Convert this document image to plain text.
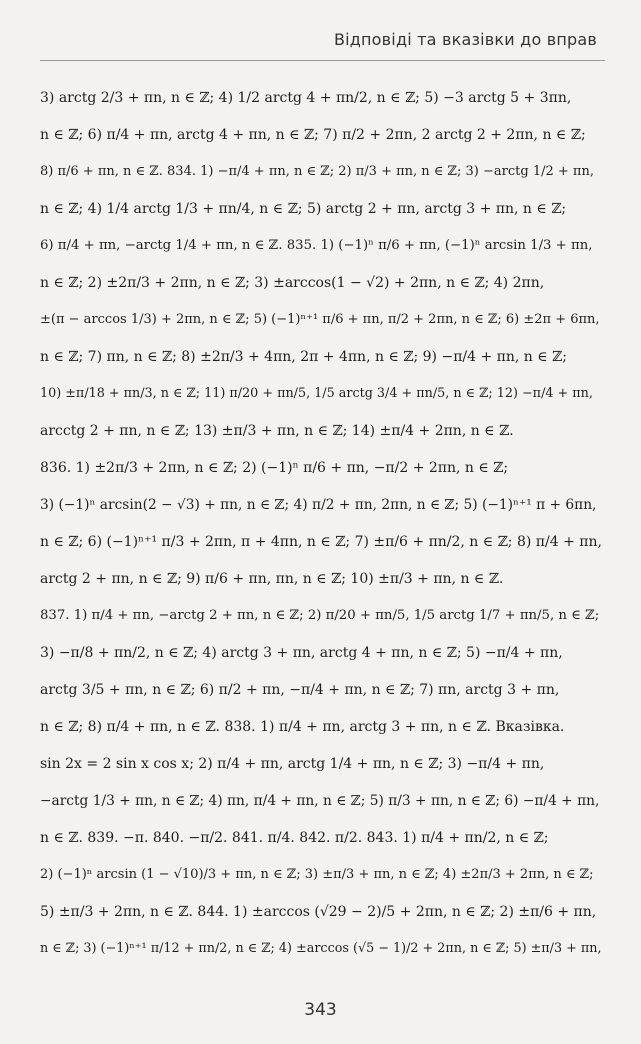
Відповіді та вказівки до вправ
3) arctg 2/3 + πn, n ∈ ℤ; 4) 1/2 arctg 4 + πn/2, n ∈ ℤ; 5) −3 arctg 5 + 3πn,
n ∈ ℤ; 6) π/4 + πn, arctg 4 + πn, n ∈ ℤ; 7) π/2 + 2πn, 2 arctg 2 + 2πn, n ∈ ℤ;
8) π/6 + πn, n ∈ ℤ. 834. 1) −π/4 + πn, n ∈ ℤ; 2) π/3 + πn, n ∈ ℤ; 3) −arctg 1/2 + πn,
n ∈ ℤ; 4) 1/4 arctg 1/3 + πn/4, n ∈ ℤ; 5) arctg 2 + πn, arctg 3 + πn, n ∈ ℤ;
6) π/4 + πn, −arctg 1/4 + πn, n ∈ ℤ. 835. 1) (−1)ⁿ π/6 + πn, (−1)ⁿ arcsin 1/3 + πn,
n ∈ ℤ; 2) ±2π/3 + 2πn, n ∈ ℤ; 3) ±arccos(1 − √2) + 2πn, n ∈ ℤ; 4) 2πn,
±(π − arccos 1/3) + 2πn, n ∈ ℤ; 5) (−1)ⁿ⁺¹ π/6 + πn, π/2 + 2πn, n ∈ ℤ; 6) ±2π + 6πn,
n ∈ ℤ; 7) πn, n ∈ ℤ; 8) ±2π/3 + 4πn, 2π + 4πn, n ∈ ℤ; 9) −π/4 + πn, n ∈ ℤ;
10) ±π/18 + πn/3, n ∈ ℤ; 11) π/20 + πn/5, 1/5 arctg 3/4 + πn/5, n ∈ ℤ; 12) −π/4 + πn,
arcctg 2 + πn, n ∈ ℤ; 13) ±π/3 + πn, n ∈ ℤ; 14) ±π/4 + 2πn, n ∈ ℤ.
836. 1) ±2π/3 + 2πn, n ∈ ℤ; 2) (−1)ⁿ π/6 + πn, −π/2 + 2πn, n ∈ ℤ;
3) (−1)ⁿ arcsin(2 − √3) + πn, n ∈ ℤ; 4) π/2 + πn, 2πn, n ∈ ℤ; 5) (−1)ⁿ⁺¹ π + 6πn,
n ∈ ℤ; 6) (−1)ⁿ⁺¹ π/3 + 2πn, π + 4πn, n ∈ ℤ; 7) ±π/6 + πn/2, n ∈ ℤ; 8) π/4 + πn,
arctg 2 + πn, n ∈ ℤ; 9) π/6 + πn, πn, n ∈ ℤ; 10) ±π/3 + πn, n ∈ ℤ.
837. 1) π/4 + πn, −arctg 2 + πn, n ∈ ℤ; 2) π/20 + πn/5, 1/5 arctg 1/7 + πn/5, n ∈ ℤ;
3) −π/8 + πn/2, n ∈ ℤ; 4) arctg 3 + πn, arctg 4 + πn, n ∈ ℤ; 5) −π/4 + πn,
arctg 3/5 + πn, n ∈ ℤ; 6) π/2 + πn, −π/4 + πn, n ∈ ℤ; 7) πn, arctg 3 + πn,
n ∈ ℤ; 8) π/4 + πn, n ∈ ℤ. 838. 1) π/4 + πn, arctg 3 + πn, n ∈ ℤ. Вказівка.
sin 2x = 2 sin x cos x; 2) π/4 + πn, arctg 1/4 + πn, n ∈ ℤ; 3) −π/4 + πn,
−arctg 1/3 + πn, n ∈ ℤ; 4) πn, π/4 + πn, n ∈ ℤ; 5) π/3 + πn, n ∈ ℤ; 6) −π/4 + πn,
n ∈ ℤ. 839. −π. 840. −π/2. 841. π/4. 842. π/2. 843. 1) π/4 + πn/2, n ∈ ℤ;
2) (−1)ⁿ arcsin (1 − √10)/3 + πn, n ∈ ℤ; 3) ±π/3 + πn, n ∈ ℤ; 4) ±2π/3 + 2πn, n ∈ ℤ;
5) ±π/3 + 2πn, n ∈ ℤ. 844. 1) ±arccos (√29 − 2)/5 + 2πn, n ∈ ℤ; 2) ±π/6 + πn,
n ∈ ℤ; 3) (−1)ⁿ⁺¹ π/12 + πn/2, n ∈ ℤ; 4) ±arccos (√5 − 1)/2 + 2πn, n ∈ ℤ; 5) ±π/3 + πn,
343
